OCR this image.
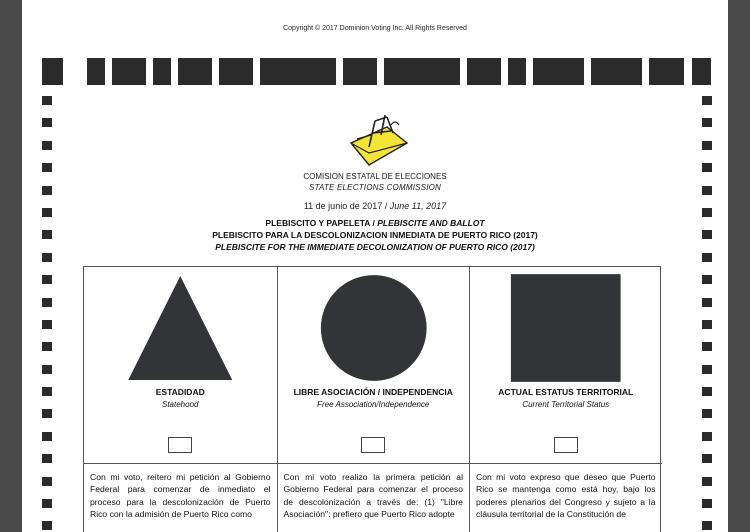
Copyright © 2017 Dominion Voting Inc. All Rights Reserved
COMISION ESTATAL DE ELECCIONES
STATE ELECTIONS COMMISSION
11 de junio de 2017 / June 11, 2017
PLEBISCITO Y PAPELETA / PLEBISCITE AND BALLOT
PLEBISCITO PARA LA DESCOLONIZACION INMEDIATA DE PUERTO RICO (2017)
PLEBISCITE FOR THE IMMEDIATE DECOLONIZATION OF PUERTO RICO (2017)
ESTADIDAD
Statehood
Con mi voto, reitero mi petición al Gobierno Federal para comenzar de inmediato el proceso para la descolonización de Puerto Rico con la admisión de Puerto Rico como
LIBRE ASOCIACIÓN / INDEPENDENCIA
Free Association/Independence
Con mi voto realizo la primera petición al Gobierno Federal para comenzar el proceso de descolonización a través de: (1) "Libre Asociación": prefiero que Puerto Rico adopte
ACTUAL ESTATUS TERRITORIAL
Current Territorial Status
Con mi voto expreso que deseo que Puerto Rico se mantenga como está hoy, bajo los poderes plenarios del Congreso y sujeto a la cláusula territorial de la Constitución de
